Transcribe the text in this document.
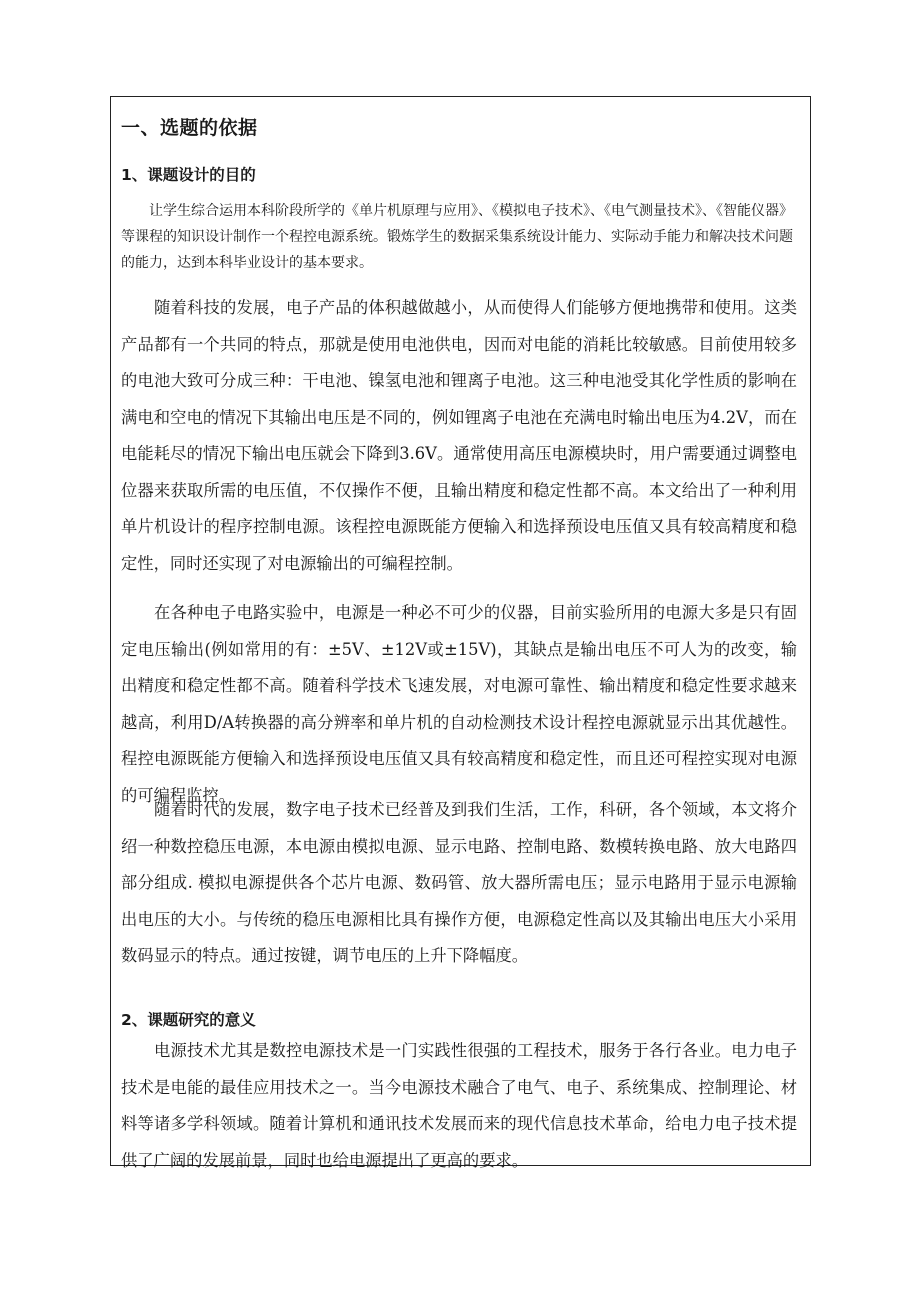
一、选题的依据
1、课题设计的目的
让学生综合运用本科阶段所学的《单片机原理与应用》、《模拟电子技术》、《电气测量技术》、《智能仪器》等课程的知识设计制作一个程控电源系统。锻炼学生的数据采集系统设计能力、实际动手能力和解决技术问题的能力，达到本科毕业设计的基本要求。
随着科技的发展，电子产品的体积越做越小，从而使得人们能够方便地携带和使用。这类产品都有一个共同的特点，那就是使用电池供电，因而对电能的消耗比较敏感。目前使用较多的电池大致可分成三种：干电池、镍氢电池和锂离子电池。这三种电池受其化学性质的影响在满电和空电的情况下其输出电压是不同的，例如锂离子电池在充满电时输出电压为4.2V，而在电能耗尽的情况下输出电压就会下降到3.6V。通常使用高压电源模块时，用户需要通过调整电位器来获取所需的电压值，不仅操作不便，且输出精度和稳定性都不高。本文给出了一种利用单片机设计的程序控制电源。该程控电源既能方便输入和选择预设电压值又具有较高精度和稳定性，同时还实现了对电源输出的可编程控制。
在各种电子电路实验中，电源是一种必不可少的仪器，目前实验所用的电源大多是只有固定电压输出(例如常用的有：±5V、±12V或±15V)，其缺点是输出电压不可人为的改变，输出精度和稳定性都不高。随着科学技术飞速发展，对电源可靠性、输出精度和稳定性要求越来越高，利用D/A转换器的高分辨率和单片机的自动检测技术设计程控电源就显示出其优越性。 程控电源既能方便输入和选择预设电压值又具有较高精度和稳定性，而且还可程控实现对电源的可编程监控。
随着时代的发展，数字电子技术已经普及到我们生活，工作，科研，各个领域，本文将介绍一种数控稳压电源，本电源由模拟电源、显示电路、控制电路、数模转换电路、放大电路四部分组成. 模拟电源提供各个芯片电源、数码管、放大器所需电压；显示电路用于显示电源输出电压的大小。与传统的稳压电源相比具有操作方便，电源稳定性高以及其输出电压大小采用数码显示的特点。通过按键，调节电压的上升下降幅度。
2、课题研究的意义
电源技术尤其是数控电源技术是一门实践性很强的工程技术，服务于各行各业。电力电子技术是电能的最佳应用技术之一。当今电源技术融合了电气、电子、系统集成、控制理论、材料等诸多学科领域。随着计算机和通讯技术发展而来的现代信息技术革命，给电力电子技术提供了广阔的发展前景，同时也给电源提出了更高的要求。
